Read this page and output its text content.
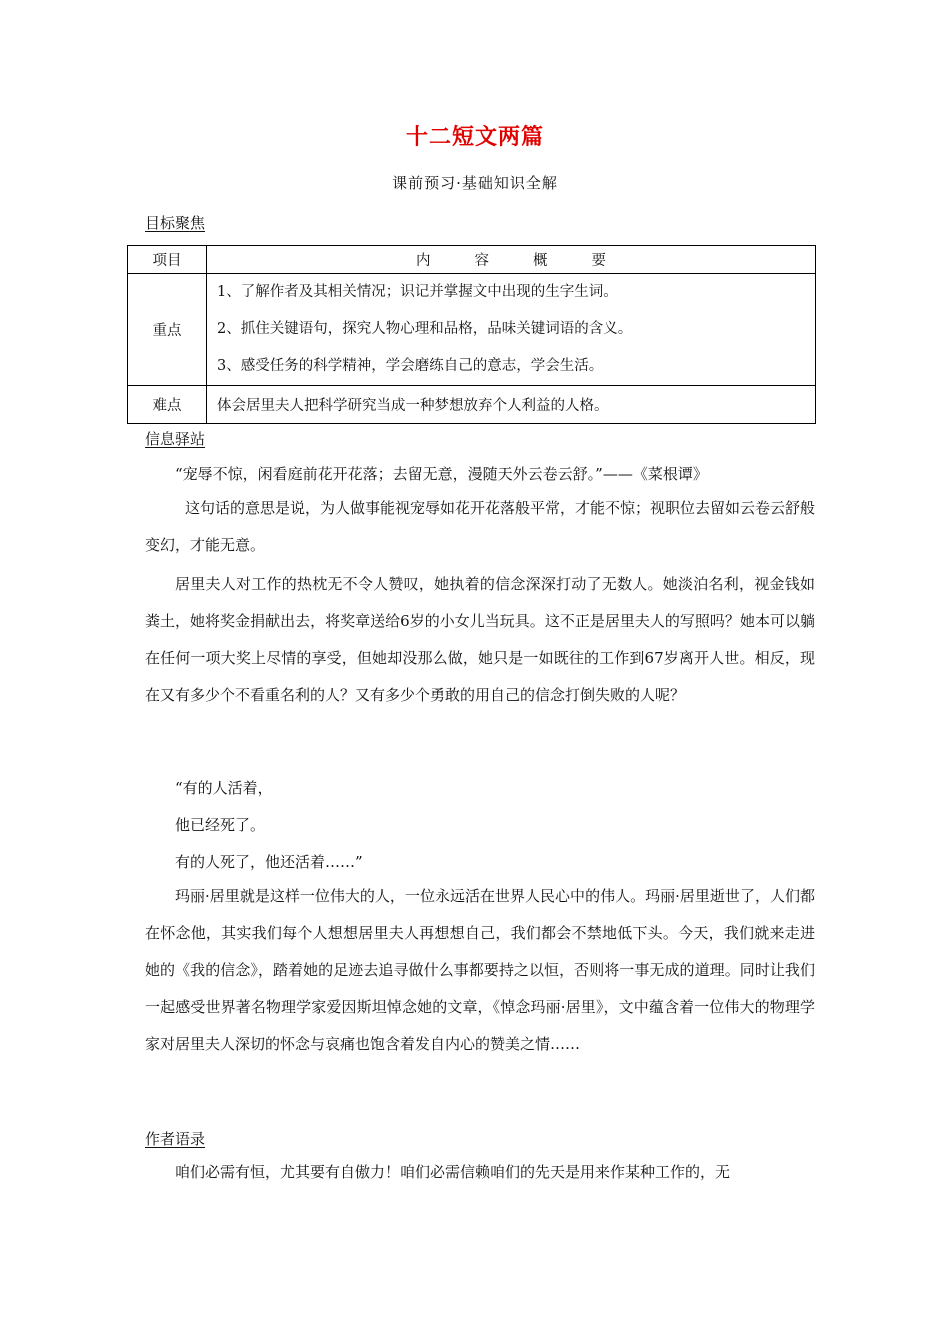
十二短文两篇
课前预习·基础知识全解
目标聚焦
项目	内 容 概 要
重点	1、了解作者及其相关情况；识记并掌握文中出现的生字生词。

2、抓住关键语句，探究人物心理和品格，品味关键词语的含义。

3、感受任务的科学精神，学会磨练自己的意志，学会生活。

难点	体会居里夫人把科学研究当成一种梦想放弃个人利益的人格。
信息驿站

“宠辱不惊，闲看庭前花开花落；去留无意，漫随天外云卷云舒。”——《菜根谭》

这句话的意思是说，为人做事能视宠辱如花开花落般平常，才能不惊；视职位去留如云卷云舒般变幻，才能无意。

居里夫人对工作的热枕无不令人赞叹，她执着的信念深深打动了无数人。她淡泊名利，视金钱如粪土，她将奖金捐献出去，将奖章送给6岁的小女儿当玩具。这不正是居里夫人的写照吗？她本可以躺在任何一项大奖上尽情的享受，但她却没那么做，她只是一如既往的工作到67岁离开人世。相反，现在又有多少个不看重名利的人？又有多少个勇敢的用自己的信念打倒失败的人呢？

“有的人活着，

他已经死了。

有的人死了，他还活着……”

玛丽·居里就是这样一位伟大的人，一位永远活在世界人民心中的伟人。玛丽·居里逝世了，人们都在怀念他，其实我们每个人想想居里夫人再想想自己，我们都会不禁地低下头。今天，我们就来走进她的《我的信念》，踏着她的足迹去追寻做什么事都要持之以恒，否则将一事无成的道理。同时让我们一起感受世界著名物理学家爱因斯坦悼念她的文章，《悼念玛丽·居里》，文中蕴含着一位伟大的物理学家对居里夫人深切的怀念与哀痛也饱含着发自内心的赞美之情……

作者语录

咱们必需有恒，尤其要有自傲力！咱们必需信赖咱们的先天是用来作某种工作的，无
